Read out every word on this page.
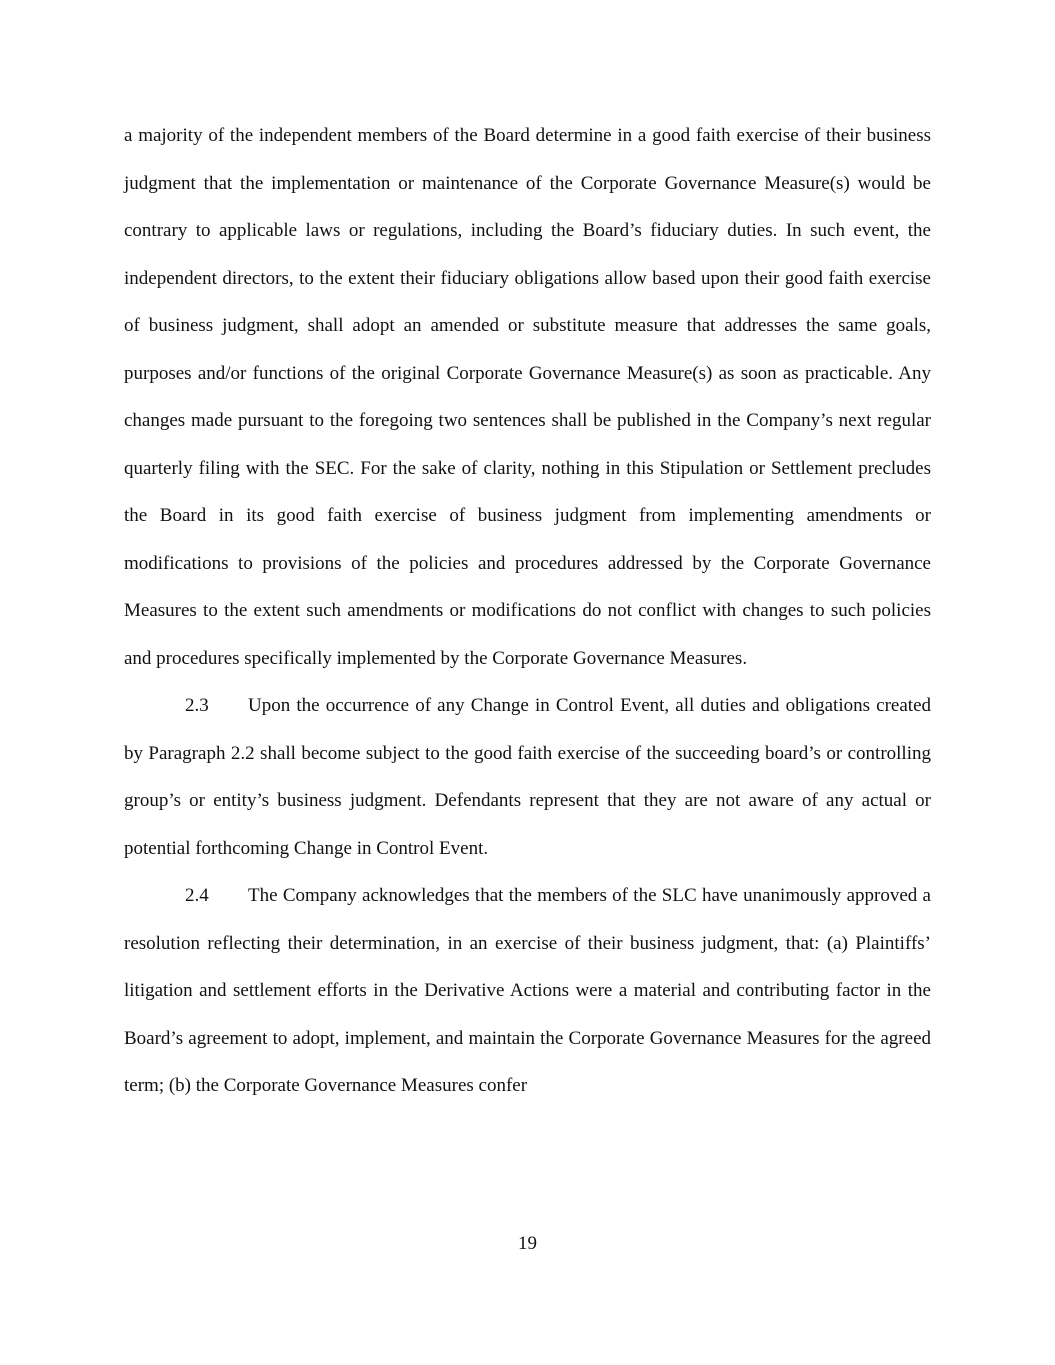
a majority of the independent members of the Board determine in a good faith exercise of their business judgment that the implementation or maintenance of the Corporate Governance Measure(s) would be contrary to applicable laws or regulations, including the Board’s fiduciary duties. In such event, the independent directors, to the extent their fiduciary obligations allow based upon their good faith exercise of business judgment, shall adopt an amended or substitute measure that addresses the same goals, purposes and/or functions of the original Corporate Governance Measure(s) as soon as practicable. Any changes made pursuant to the foregoing two sentences shall be published in the Company’s next regular quarterly filing with the SEC. For the sake of clarity, nothing in this Stipulation or Settlement precludes the Board in its good faith exercise of business judgment from implementing amendments or modifications to provisions of the policies and procedures addressed by the Corporate Governance Measures to the extent such amendments or modifications do not conflict with changes to such policies and procedures specifically implemented by the Corporate Governance Measures.

2.3 Upon the occurrence of any Change in Control Event, all duties and obligations created by Paragraph 2.2 shall become subject to the good faith exercise of the succeeding board’s or controlling group’s or entity’s business judgment. Defendants represent that they are not aware of any actual or potential forthcoming Change in Control Event.

2.4 The Company acknowledges that the members of the SLC have unanimously approved a resolution reflecting their determination, in an exercise of their business judgment, that: (a) Plaintiffs’ litigation and settlement efforts in the Derivative Actions were a material and contributing factor in the Board’s agreement to adopt, implement, and maintain the Corporate Governance Measures for the agreed term; (b) the Corporate Governance Measures confer

19
